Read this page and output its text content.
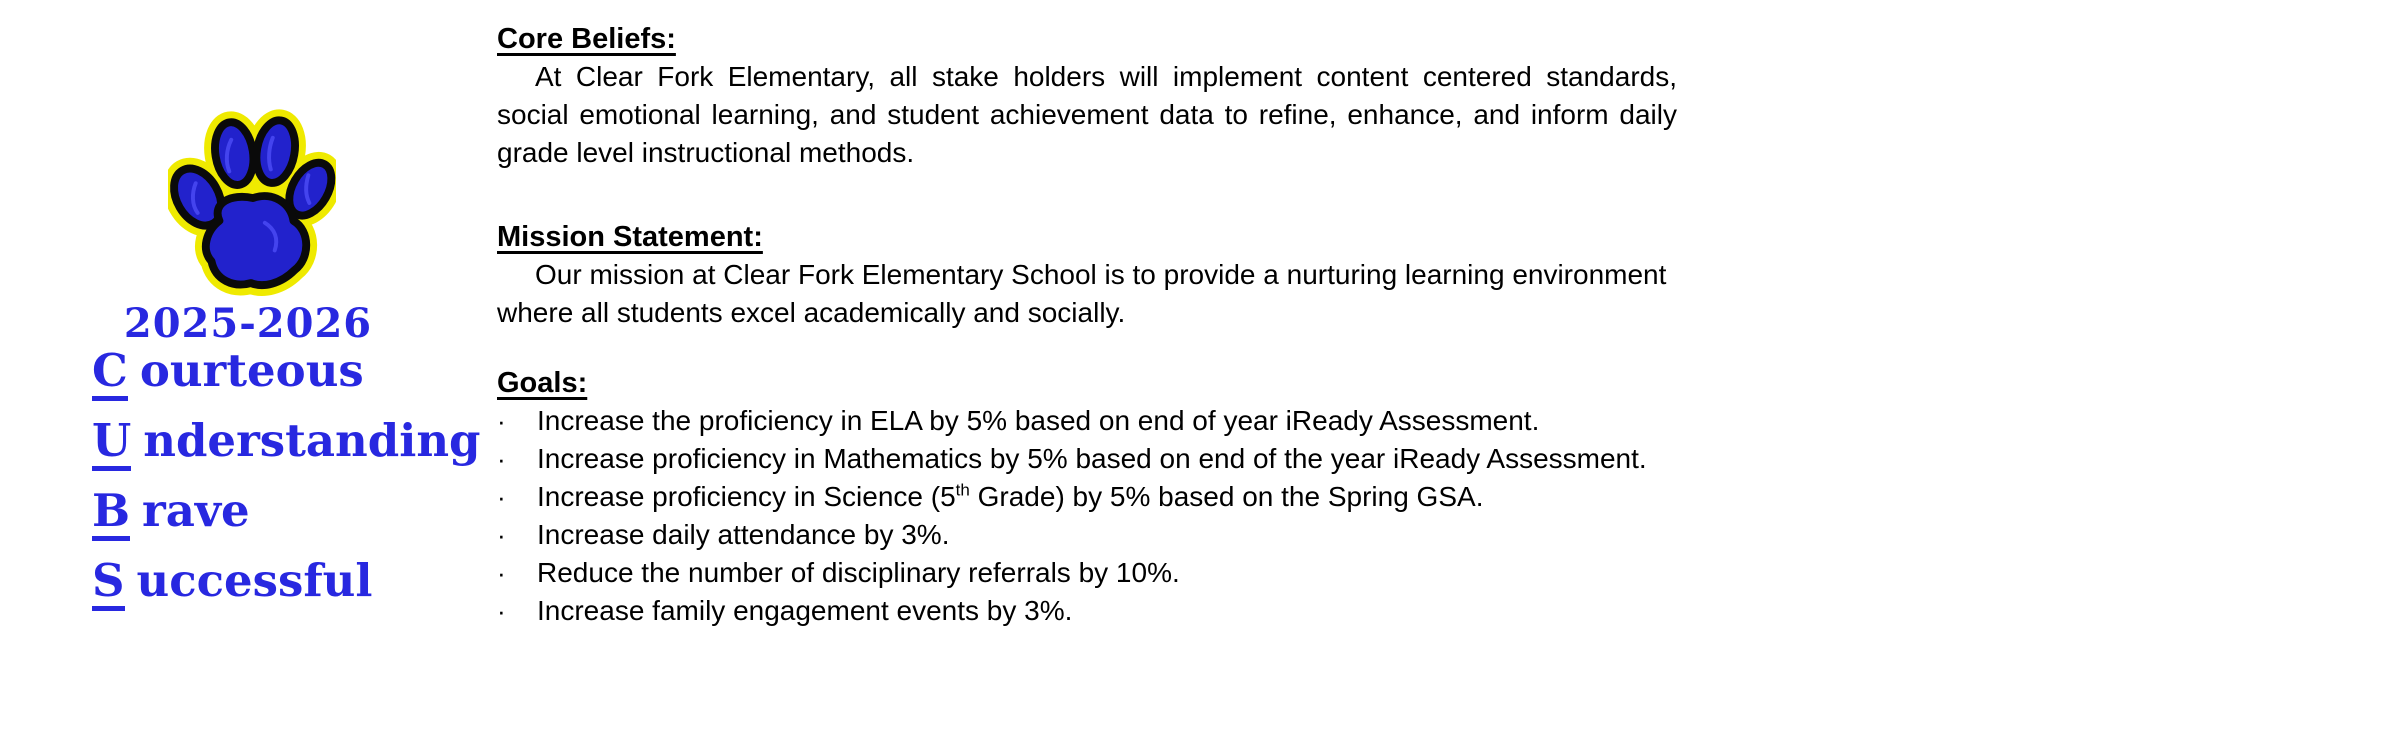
2025-2026

C ourteous

U nderstanding

B rave

S uccessful

Core Beliefs:

At Clear Fork Elementary, all stake holders will implement content centered standards, social emotional learning, and student achievement data to refine, enhance, and inform daily grade level instructional methods.

Mission Statement:

Our mission at Clear Fork Elementary School is to provide a nurturing learning environment where all students excel academically and socially.

Goals:

· Increase the proficiency in ELA by 5% based on end of year iReady Assessment.

· Increase proficiency in Mathematics by 5% based on end of the year iReady Assessment.

· Increase proficiency in Science (5th Grade) by 5% based on the Spring GSA.

· Increase daily attendance by 3%.

· Reduce the number of disciplinary referrals by 10%.

· Increase family engagement events by 3%.
